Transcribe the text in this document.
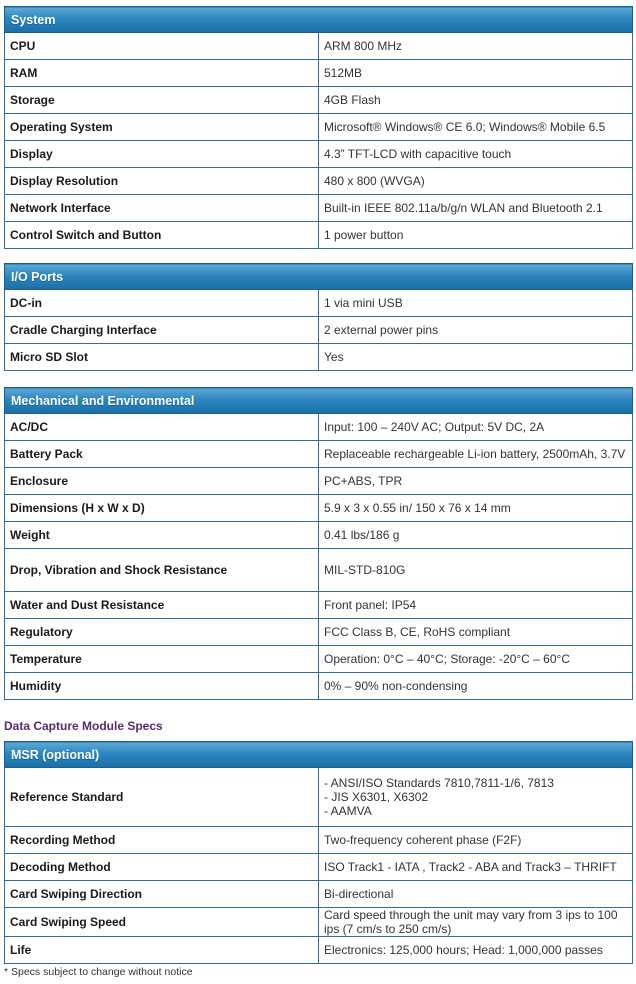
System	
CPU	ARM 800 MHz
RAM	512MB
Storage	4GB Flash
Operating System	Microsoft® Windows® CE 6.0; Windows® Mobile 6.5
Display	4.3” TFT-LCD with capacitive touch
Display Resolution	480 x 800 (WVGA)
Network Interface	Built-in IEEE 802.11a/b/g/n WLAN and Bluetooth 2.1
Control Switch and Button	1 power button
I/O Ports	
DC-in	1 via mini USB
Cradle Charging Interface	2 external power pins
Micro SD Slot	Yes
Mechanical and Environmental	
AC/DC	Input: 100 – 240V AC; Output: 5V DC, 2A
Battery Pack	Replaceable rechargeable Li-ion battery, 2500mAh, 3.7V
Enclosure	PC+ABS, TPR
Dimensions (H x W x D)	5.9 x 3 x 0.55 in/ 150 x 76 x 14 mm
Weight	0.41 lbs/186 g
Drop, Vibration and Shock Resistance	MIL-STD-810G
Water and Dust Resistance	Front panel: IP54
Regulatory	FCC Class B, CE, RoHS compliant
Temperature	Operation: 0°C – 40°C; Storage: -20°C – 60°C
Humidity	0% – 90% non-condensing
Data Capture Module Specs
MSR (optional)	
Reference Standard	- ANSI/ISO Standards 7810,7811-1/6, 7813
- JIS X6301, X6302
- AAMVA

Recording Method	Two-frequency coherent phase (F2F)
Decoding Method	ISO Track1 - IATA , Track2 - ABA and Track3 – THRIFT
Card Swiping Direction	Bi-directional
Card Swiping Speed	Card speed through the unit may vary from 3 ips to 100 ips (7 cm/s to 250 cm/s)
Life	Electronics: 125,000 hours; Head: 1,000,000 passes
* Specs subject to change without notice
